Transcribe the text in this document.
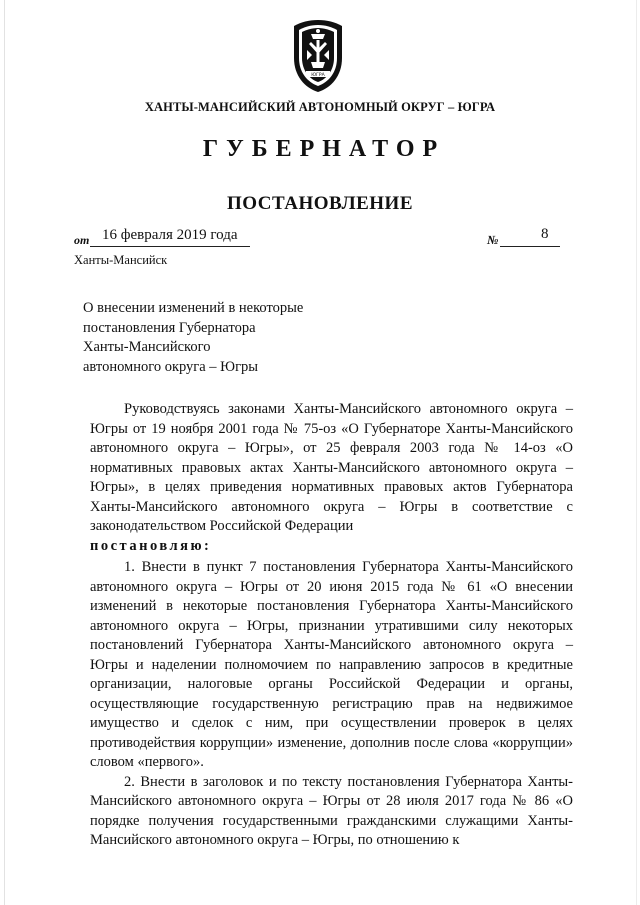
ЮГРА
ХАНТЫ-МАНСИЙСКИЙ АВТОНОМНЫЙ ОКРУГ – ЮГРА
ГУБЕРНАТОР
ПОСТАНОВЛЕНИЕ
от 16 февраля 2019 года	№	8
Ханты-Мансийск
О внесении изменений в некоторые
постановления Губернатора
Ханты-Мансийского
автономного округа – Югры

Руководствуясь законами Ханты-Мансийского автономного округа – Югры от 19 ноября 2001 года № 75-оз «О Губернаторе Ханты-Мансийского автономного округа – Югры», от 25 февраля 2003 года № 14-оз «О нормативных правовых актах Ханты-Мансийского автономного округа – Югры», в целях приведения нормативных правовых актов Губернатора Ханты-Мансийского автономного округа – Югры в соответствие с законодательством Российской Федерации

постановляю:

1. Внести в пункт 7 постановления Губернатора Ханты-Мансийского автономного округа – Югры от 20 июня 2015 года № 61 «О внесении изменений в некоторые постановления Губернатора Ханты-Мансийского автономного округа – Югры, признании утратившими силу некоторых постановлений Губернатора Ханты-Мансийского автономного округа – Югры и наделении полномочием по направлению запросов в кредитные организации, налоговые органы Российской Федерации и органы, осуществляющие государственную регистрацию прав на недвижимое имущество и сделок с ним, при осуществлении проверок в целях противодействия коррупции» изменение, дополнив после слова «коррупции» словом «первого».

2. Внести в заголовок и по тексту постановления Губернатора Ханты-Мансийского автономного округа – Югры от 28 июля 2017 года № 86 «О порядке получения государственными гражданскими служащими Ханты-Мансийского автономного округа – Югры, по отношению к
